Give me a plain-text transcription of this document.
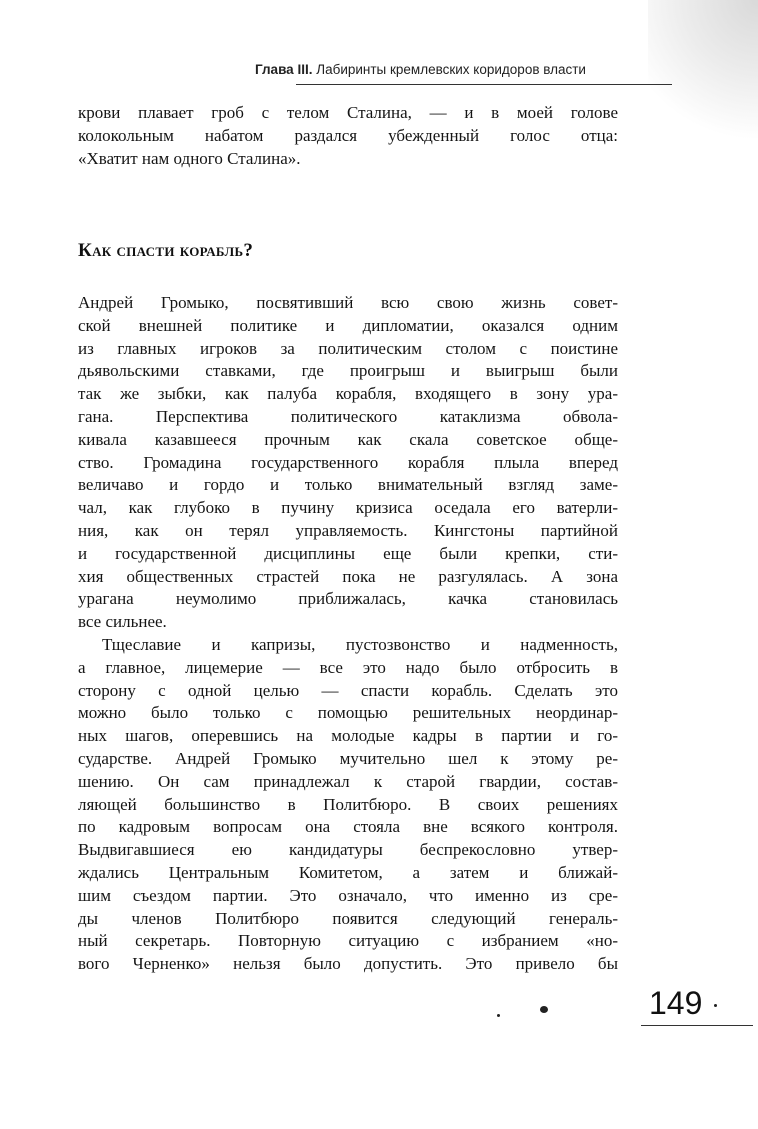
Глава III. Лабиринты кремлевских коридоров власти

крови плавает гроб с телом Сталина, — и в моей голове

колокольным набатом раздался убежденный голос отца:

«Хватит нам одного Сталина».

Как спасти корабль?

Андрей Громыко, посвятивший всю свою жизнь совет-

ской внешней политике и дипломатии, оказался одним

из главных игроков за политическим столом с поистине

дьявольскими ставками, где проигрыш и выигрыш были

так же зыбки, как палуба корабля, входящего в зону ура-

гана. Перспектива политического катаклизма обвола-

кивала казавшееся прочным как скала советское обще-

ство. Громадина государственного корабля плыла вперед

величаво и гордо и только внимательный взгляд заме-

чал, как глубоко в пучину кризиса оседала его ватерли-

ния, как он терял управляемость. Кингстоны партийной

и государственной дисциплины еще были крепки, сти-

хия общественных страстей пока не разгулялась. А зона

урагана неумолимо приближалась, качка становилась

все сильнее.

Тщеславие и капризы, пустозвонство и надменность,

а главное, лицемерие — все это надо было отбросить в

сторону с одной целью — спасти корабль. Сделать это

можно было только с помощью решительных неординар-

ных шагов, оперевшись на молодые кадры в партии и го-

сударстве. Андрей Громыко мучительно шел к этому ре-

шению. Он сам принадлежал к старой гвардии, состав-

ляющей большинство в Политбюро. В своих решениях

по кадровым вопросам она стояла вне всякого контроля.

Выдвигавшиеся ею кандидатуры беспрекословно утвер-

ждались Центральным Комитетом, а затем и ближай-

шим съездом партии. Это означало, что именно из сре-

ды членов Политбюро появится следующий генераль-

ный секретарь. Повторную ситуацию с избранием «но-

вого Черненко» нельзя было допустить. Это привело бы

149
